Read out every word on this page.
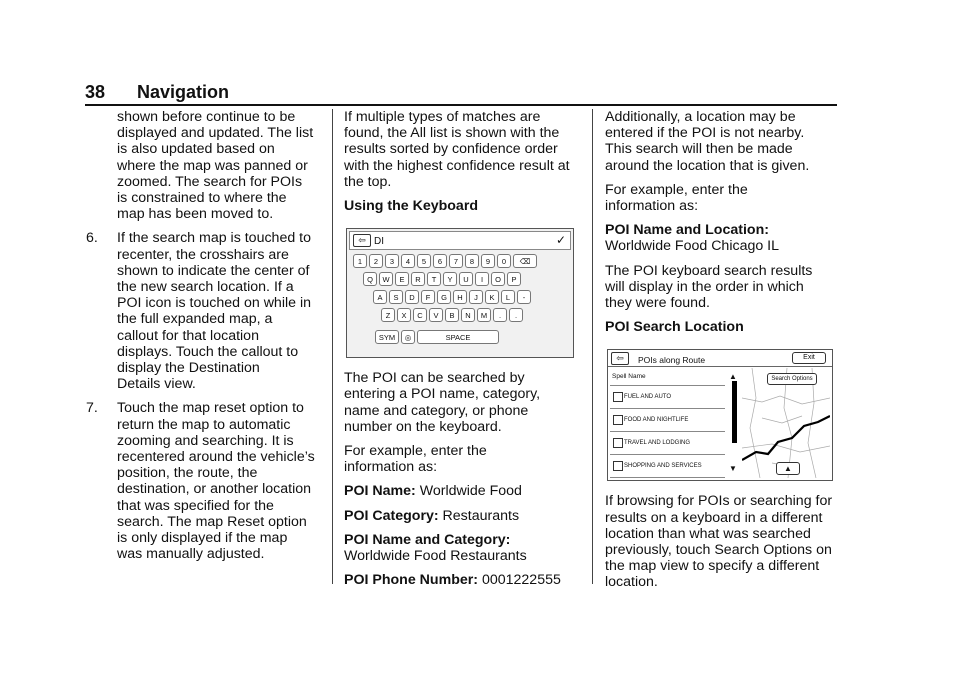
38 Navigation

shown before continue to be
displayed and updated. The list
is also updated based on
where the map was panned or
zoomed. The search for POIs
is constrained to where the
map has been moved to.

6. If the search map is touched to
recenter, the crosshairs are
shown to indicate the center of
the new search location. If a
POI icon is touched on while in
the full expanded map, a
callout for that location
displays. Touch the callout to
display the Destination
Details view.

7. Touch the map reset option to
return the map to automatic
zooming and searching. It is
recentered around the vehicle’s
position, the route, the
destination, or another location
that was specified for the
search. The map Reset option
is only displayed if the map
was manually adjusted.

If multiple types of matches are
found, the All list is shown with the
results sorted by confidence order
with the highest confidence result at
the top.

Using the Keyboard

⇦ DI	✓
1	2	3	4	5	6	7	8	9	0	⌫
Q	W	E	R	T	Y	U	I	O	P
A	S	D	F	G	H	J	K	L	-
Z	X	C	V	B	N	M	.	.
SYM	◎	SPACE

The POI can be searched by
entering a POI name, category,
name and category, or phone
number on the keyboard.

For example, enter the
information as:

POI Name: Worldwide Food

POI Category: Restaurants

POI Name and Category:
Worldwide Food Restaurants

POI Phone Number: 0001222555

Additionally, a location may be
entered if the POI is not nearby.
This search will then be made
around the location that is given.

For example, enter the
information as:

POI Name and Location:
Worldwide Food Chicago IL

The POI keyboard search results
will display in the order in which
they were found.

POI Search Location

⇦	POIs along Route	Exit
Spell Name
FUEL AND AUTO
FOOD AND NIGHTLIFE
TRAVEL AND LODGING
SHOPPING AND SERVICES
▲
▼
Search Options
▲

If browsing for POIs or searching for
results on a keyboard in a different
location than what was searched
previously, touch Search Options on
the map view to specify a different
location.
